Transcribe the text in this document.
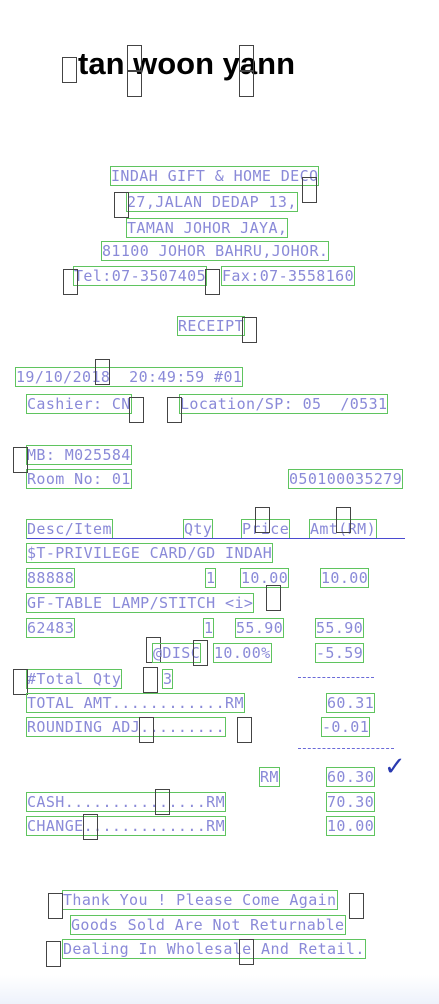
tan woon yann
INDAH GIFT & HOME DECO
27,JALAN DEDAP 13,
TAMAN JOHOR JAYA,
81100 JOHOR BAHRU,JOHOR.
Tel:07-3507405 Fax:07-3558160
RECEIPT
19/10/2018  20:49:59 #01
Cashier: CN	Location/SP: 05  /0531
MB: M025584
Room No: 01	050100035279
Desc/Item	Qty Price Amt(RM)
$T-PRIVILEGE CARD/GD INDAH
88888	1 10.00 10.00
GF-TABLE LAMP/STITCH <i>
62483	1 55.90 55.90
@DISC 10.00%	-5.59
#Total Qty	3
TOTAL AMT............RM	60.31
ROUNDING ADJ.........	-0.01
RM	60.30 ✓
CASH...............RM	70.30
CHANGE.............RM	10.00
Thank You ! Please Come Again
Goods Sold Are Not Returnable
Dealing In Wholesale And Retail.
